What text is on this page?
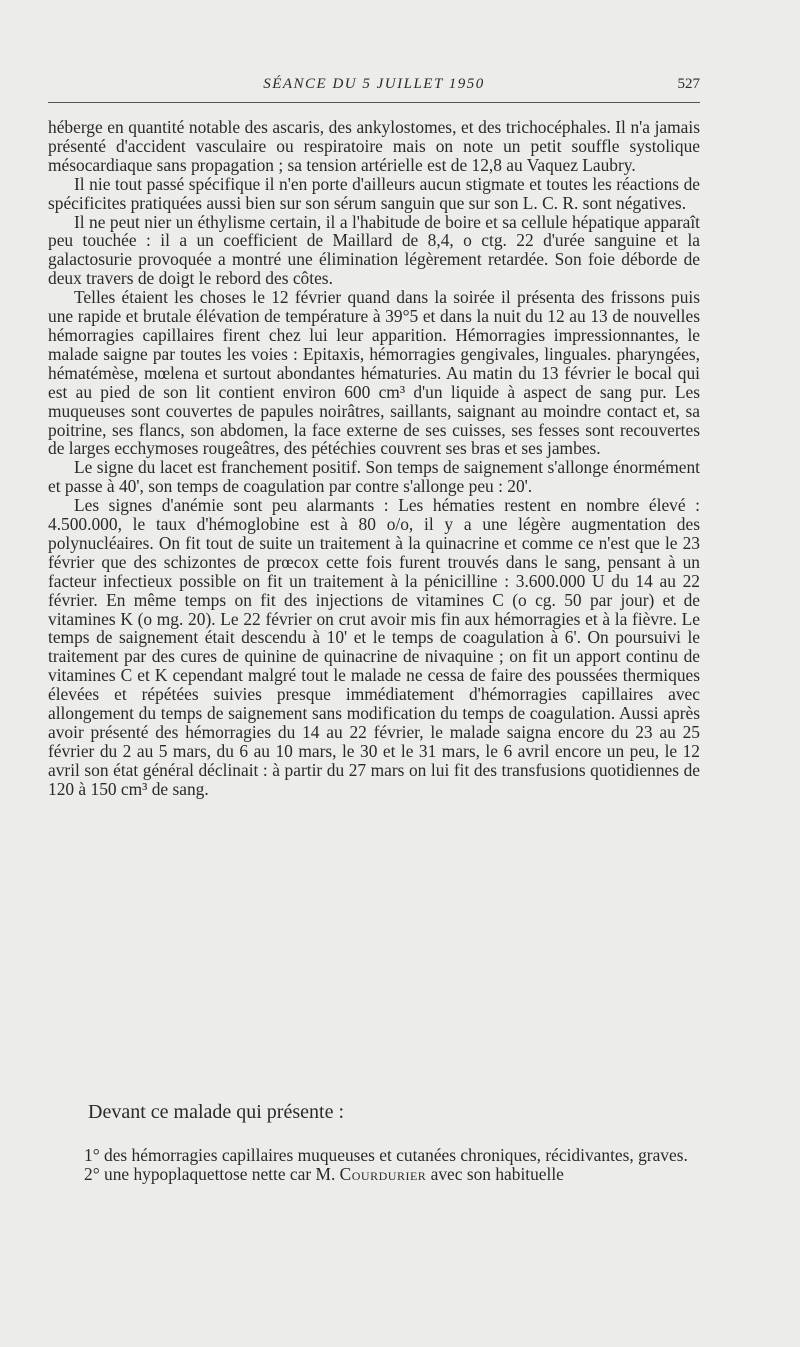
SÉANCE DU 5 JUILLET 1950	527

héberge en quantité notable des ascaris, des ankylostomes, et des trichocéphales. Il n'a jamais présenté d'accident vasculaire ou respiratoire mais on note un petit souffle systolique mésocardiaque sans propagation ; sa tension artérielle est de 12,8 au Vaquez Laubry.

Il nie tout passé spécifique il n'en porte d'ailleurs aucun stigmate et toutes les réactions de spécificites pratiquées aussi bien sur son sérum sanguin que sur son L. C. R. sont négatives.

Il ne peut nier un éthylisme certain, il a l'habitude de boire et sa cellule hépatique apparaît peu touchée : il a un coefficient de Maillard de 8,4, o ctg. 22 d'urée sanguine et la galactosurie provoquée a montré une élimination légèrement retardée. Son foie déborde de deux travers de doigt le rebord des côtes.

Telles étaient les choses le 12 février quand dans la soirée il présenta des frissons puis une rapide et brutale élévation de température à 39°5 et dans la nuit du 12 au 13 de nouvelles hémorragies capillaires firent chez lui leur apparition. Hémorragies impressionnantes, le malade saigne par toutes les voies : Epitaxis, hémorragies gengivales, linguales. pharyngées, hématémèse, mœlena et surtout abondantes hématuries. Au matin du 13 février le bocal qui est au pied de son lit contient environ 600 cm³ d'un liquide à aspect de sang pur. Les muqueuses sont couvertes de papules noirâtres, saillants, saignant au moindre contact et, sa poitrine, ses flancs, son abdomen, la face externe de ses cuisses, ses fesses sont recouvertes de larges ecchymoses rougeâtres, des pétéchies couvrent ses bras et ses jambes.

Le signe du lacet est franchement positif. Son temps de saignement s'allonge énormément et passe à 40', son temps de coagulation par contre s'allonge peu : 20'.

Les signes d'anémie sont peu alarmants : Les hématies restent en nombre élevé : 4.500.000, le taux d'hémoglobine est à 80 o/o, il y a une légère augmentation des polynucléaires. On fit tout de suite un traitement à la quinacrine et comme ce n'est que le 23 février que des schizontes de prœcox cette fois furent trouvés dans le sang, pensant à un facteur infectieux possible on fit un traitement à la pénicilline : 3.600.000 U du 14 au 22 février. En même temps on fit des injections de vitamines C (o cg. 50 par jour) et de vitamines K (o mg. 20). Le 22 février on crut avoir mis fin aux hémorragies et à la fièvre. Le temps de saignement était descendu à 10' et le temps de coagulation à 6'. On poursuivi le traitement par des cures de quinine de quinacrine de nivaquine ; on fit un apport continu de vitamines C et K cependant malgré tout le malade ne cessa de faire des poussées thermiques élevées et répétées suivies presque immédiatement d'hémorragies capillaires avec allongement du temps de saignement sans modification du temps de coagulation. Aussi après avoir présenté des hémorragies du 14 au 22 février, le malade saigna encore du 23 au 25 février du 2 au 5 mars, du 6 au 10 mars, le 30 et le 31 mars, le 6 avril encore un peu, le 12 avril son état général déclinait : à partir du 27 mars on lui fit des transfusions quotidiennes de 120 à 150 cm³ de sang.

Devant ce malade qui présente :

1° des hémorragies capillaires muqueuses et cutanées chroniques, récidivantes, graves.

2° une hypoplaquettose nette car M. Courdurier avec son habituelle
